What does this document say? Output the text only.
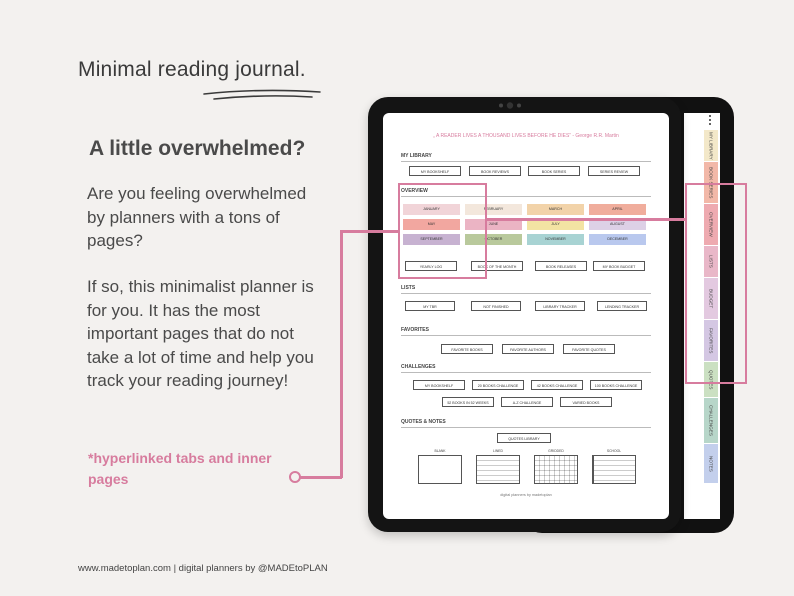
Minimal reading journal.
A little overwhelmed?
Are you feeling overwhelmed by planners with a tons of pages?
If so, this minimalist planner is for you. It has the most important pages that do not take a lot of time and help you track your reading journey!
*hyperlinked tabs and inner pages
www.madetoplan.com | digital planners by @MADEtoPLAN
„ A READER LIVES A THOUSAND LIVES BEFORE HE DIES” - George R.R. Martin
MY LIBRARY
MY BOOKSHELF	BOOK REVIEWS	BOOK SERIES	SERIES REVIEW
OVERVIEW
JANUARY	FEBRUARY	MARCH	APRIL
MAY	JUNE	JULY	AUGUST
SEPTEMBER	OCTOBER	NOVEMBER	DECEMBER
YEARLY LOG	BOOK OF THE MONTH	BOOK RELEASES	MY BOOK BUDGET
LISTS
MY TBR	NOT FINISHED	LIBRARY TRACKER	LENDING TRACKER
FAVORITES
FAVORITE BOOKS	FAVORITE AUTHORS	FAVORITE QUOTES
CHALLENGES
MY BOOKSHELF	20 BOOKS CHALLENGE	42 BOOKS CHALLENGE	100 BOOKS CHALLENGE
52 BOOKS IN 52 WEEKS	A-Z CHALLENGE	VARIED BOOKS
QUOTES & NOTES
QUOTES LIBRARY
BLANK	LINED	GRIDDED	SCHOOL
digital planners by madetoplan
MY LIBRARY
BOOK SERIES
OVERVIEW
LISTS
BUDGET
FAVORITES
QUOTES
CHALLENGES
NOTES
